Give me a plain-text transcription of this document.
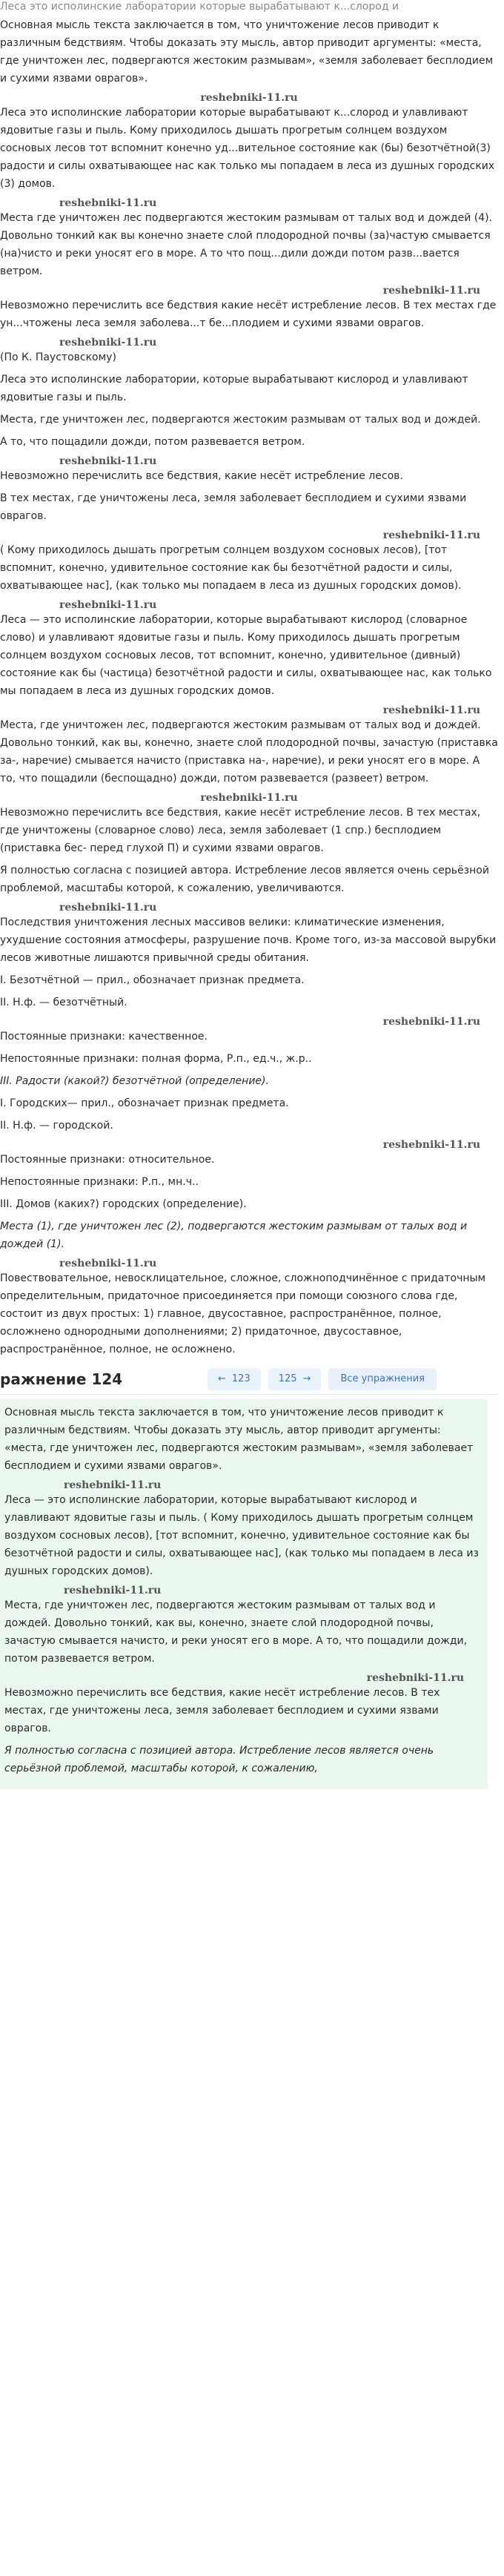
Леса это исполинские лаборатории которые вырабатывают к...слород и

Основная мысль текста заключается в том, что уничтожение лесов приводит к различным бедствиям. Чтобы доказать эту мысль, автор приводит аргументы: «места, где уничтожен лес, подвергаются жестоким размывам», «земля заболевает бесплодием и сухими язвами оврагов».

reshebniki-11.ru

Леса это исполинские лаборатории которые вырабатывают к...слород и улавливают ядовитые газы и пыль. Кому приходилось дышать прогретым солнцем воздухом сосновых лесов тот вспомнит конечно уд...вительное состояние как (бы) безотчётной(3) радости и силы охватывающее нас как только мы попадаем в леса из душных городских (3) домов.

reshebniki-11.ru

Места где уничтожен лес подвергаются жестоким размывам от талых вод и дождей (4). Довольно тонкий как вы конечно знаете слой плодородной почвы (за)частую смывается (на)чисто и реки уносят его в море. А то что пощ...дили дожди потом разв...вается ветром.

reshebniki-11.ru

Невозможно перечислить все бедствия какие несёт истребление лесов. В тех местах где ун...чтожены леса земля заболева...т бе...плодием и сухими язвами оврагов.

reshebniki-11.ru

(По К. Паустовскому)

Леса это исполинские лаборатории, которые вырабатывают кислород и улавливают ядовитые газы и пыль.

Места, где уничтожен лес, подвергаются жестоким размывам от талых вод и дождей.

А то, что пощадили дожди, потом развевается ветром.

reshebniki-11.ru

Невозможно перечислить все бедствия, какие несёт истребление лесов.

В тех местах, где уничтожены леса, земля заболевает бесплодием и сухими язвами оврагов.

reshebniki-11.ru

( Кому приходилось дышать прогретым солнцем воздухом сосновых лесов), [тот вспомнит, конечно, удивительное состояние как бы безотчётной радости и силы, охватывающее нас], (как только мы попадаем в леса из душных городских домов).

reshebniki-11.ru

Леса — это исполинские лаборатории, которые вырабатывают кислород (словарное слово) и улавливают ядовитые газы и пыль. Кому приходилось дышать прогретым солнцем воздухом сосновых лесов, тот вспомнит, конечно, удивительное (дивный) состояние как бы (частица) безотчётной радости и силы, охватывающее нас, как только мы попадаем в леса из душных городских домов.

reshebniki-11.ru

Места, где уничтожен лес, подвергаются жестоким размывам от талых вод и дождей. Довольно тонкий, как вы, конечно, знаете слой плодородной почвы, зачастую (приставка за-, наречие) смывается начисто (приставка на-, наречие), и реки уносят его в море. А то, что пощадили (беспощадно) дожди, потом развевается (развеет) ветром.

reshebniki-11.ru

Невозможно перечислить все бедствия, какие несёт истребление лесов. В тех местах, где уничтожены (словарное слово) леса, земля заболевает (1 спр.) бесплодием (приставка бес- перед глухой П) и сухими язвами оврагов.

Я полностью согласна с позицией автора. Истребление лесов является очень серьёзной проблемой, масштабы которой, к сожалению, увеличиваются.

reshebniki-11.ru

Последствия уничтожения лесных массивов велики: климатические изменения, ухудшение состояния атмосферы, разрушение почв. Кроме того, из-за массовой вырубки лесов животные лишаются привычной среды обитания.

I. Безотчётной — прил., обозначает признак предмета.

II. Н.ф. — безотчётный.

reshebniki-11.ru

Постоянные признаки: качественное.

Непостоянные признаки: полная форма, Р.п., ед.ч., ж.р..

III. Радости (какой?) безотчётной (определение).

I. Городских— прил., обозначает признак предмета.

II. Н.ф. — городской.

reshebniki-11.ru

Постоянные признаки: относительное.

Непостоянные признаки: Р.п., мн.ч..

III. Домов (каких?) городских (определение).

Места (1), где уничтожен лес (2), подвергаются жестоким размывам от талых вод и дождей (1).

reshebniki-11.ru

Повествовательное, невосклицательное, сложное, сложноподчинённое с придаточным определительным, придаточное присоединяется при помощи союзного слова где, состоит из двух простых: 1) главное, двусоставное, распространённое, полное, осложнено однородными дополнениями; 2) придаточное, двусоставное, распространённое, полное, не осложнено.

ражнение 124	← 123	125 →	Все упражнения

Основная мысль текста заключается в том, что уничтожение лесов приводит к различным бедствиям. Чтобы доказать эту мысль, автор приводит аргументы: «места, где уничтожен лес, подвергаются жестоким размывам», «земля заболевает бесплодием и сухими язвами оврагов».

reshebniki-11.ru

Леса — это исполинские лаборатории, которые вырабатывают кислород и улавливают ядовитые газы и пыль. ( Кому приходилось дышать прогретым солнцем воздухом сосновых лесов), [тот вспомнит, конечно, удивительное состояние как бы безотчётной радости и силы, охватывающее нас], (как только мы попадаем в леса из душных городских домов).

reshebniki-11.ru

Места, где уничтожен лес, подвергаются жестоким размывам от талых вод и дождей. Довольно тонкий, как вы, конечно, знаете слой плодородной почвы, зачастую смывается начисто, и реки уносят его в море. А то, что пощадили дожди, потом развевается ветром.

reshebniki-11.ru

Невозможно перечислить все бедствия, какие несёт истребление лесов. В тех местах, где уничтожены леса, земля заболевает бесплодием и сухими язвами оврагов.

Я полностью согласна с позицией автора. Истребление лесов является очень серьёзной проблемой, масштабы которой, к сожалению,
